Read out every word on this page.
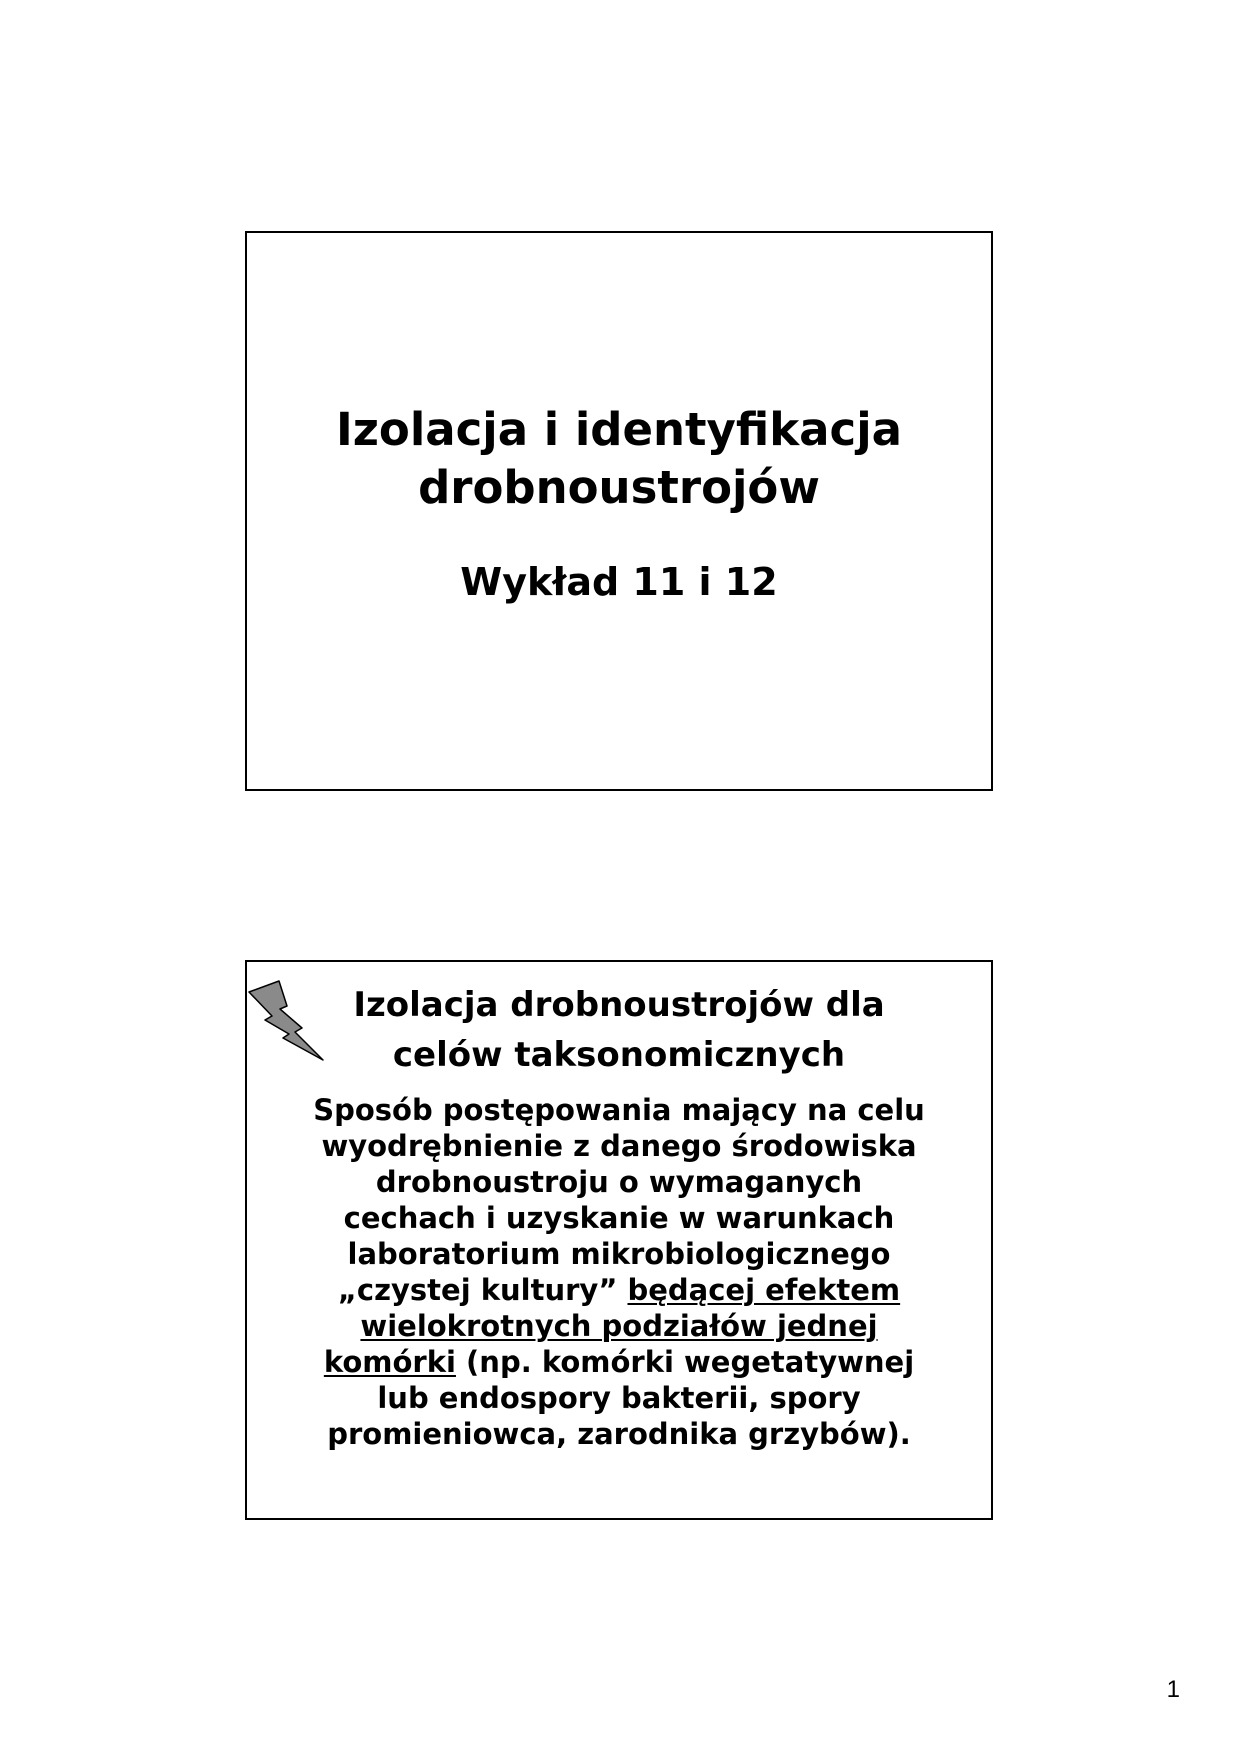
Izolacja i identyfikacja
drobnoustrojów
Wykład 11 i 12
Izolacja drobnoustrojów dla
celów taksonomicznych

Sposób postępowania mający na celu
wyodrębnienie z danego środowiska
drobnoustroju o wymaganych
cechach i uzyskanie w warunkach
laboratorium mikrobiologicznego
„czystej kultury” będącej efektem
wielokrotnych podziałów jednej
komórki (np. komórki wegetatywnej
lub endospory bakterii, spory
promieniowca, zarodnika grzybów).

1
